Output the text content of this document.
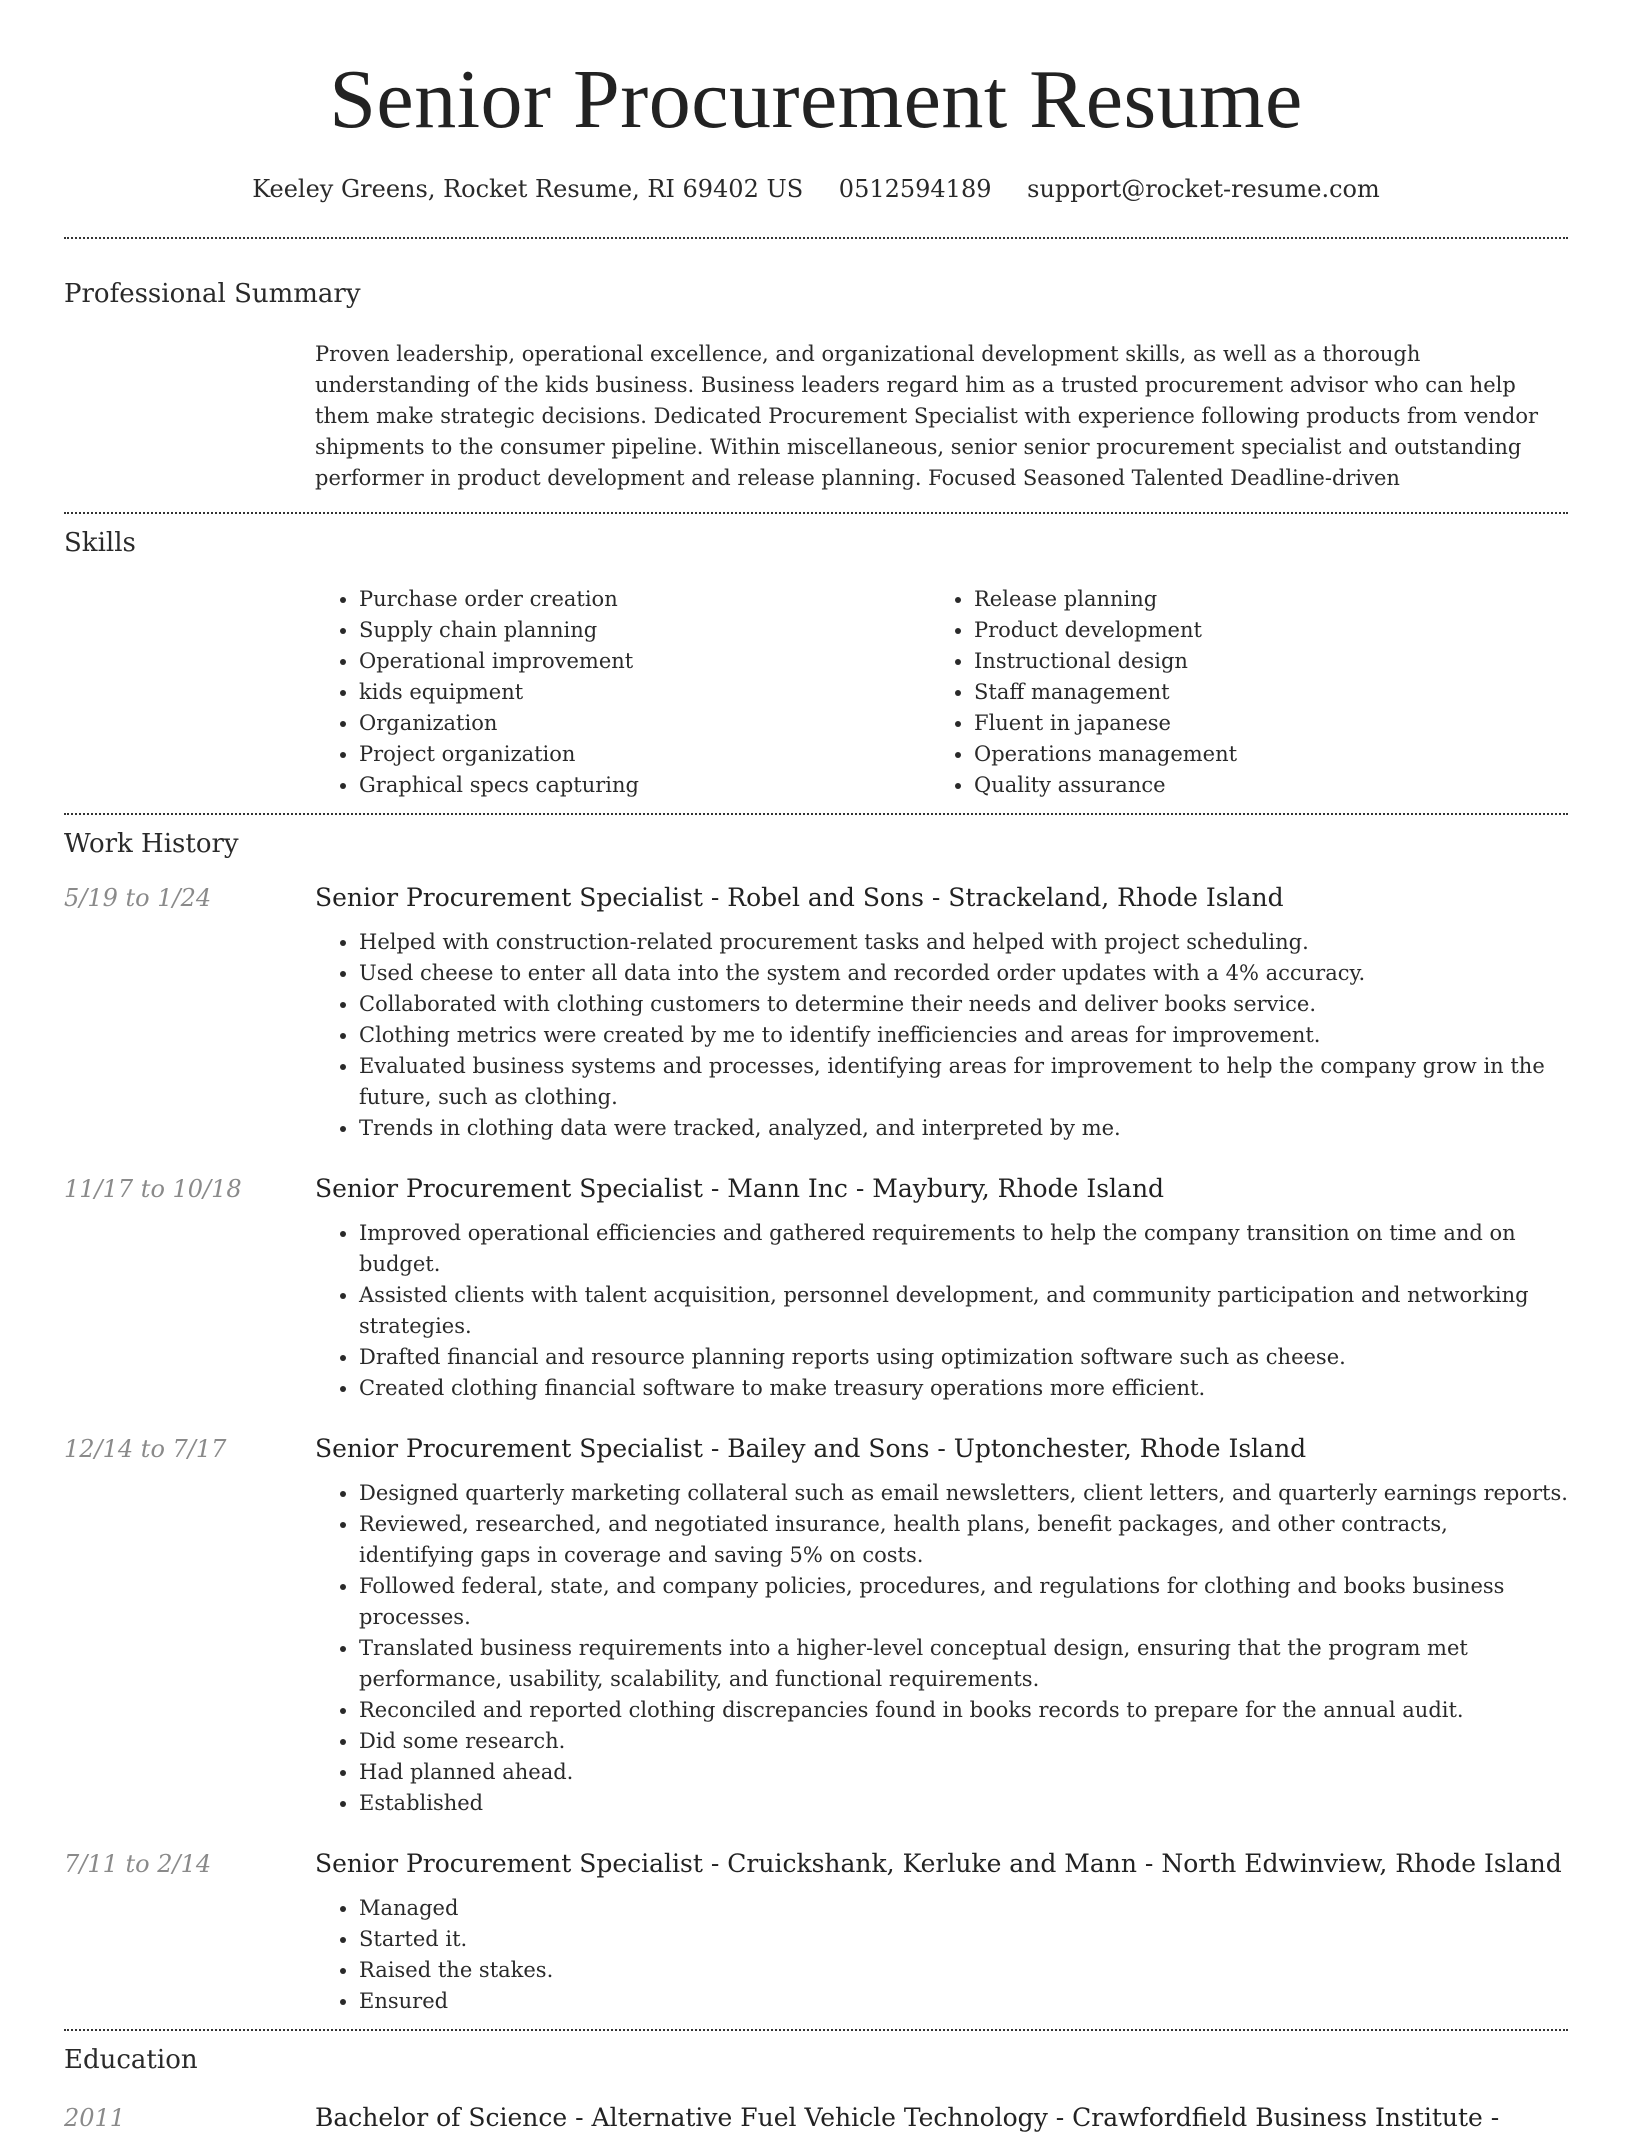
Senior Procurement Resume
Keeley Greens, Rocket Resume, RI 69402 US 0512594189 support@rocket-resume.com
Professional Summary
Proven leadership, operational excellence, and organizational development skills, as well as a thorough understanding of the kids business. Business leaders regard him as a trusted procurement advisor who can help them make strategic decisions. Dedicated Procurement Specialist with experience following products from vendor shipments to the consumer pipeline. Within miscellaneous, senior senior procurement specialist and outstanding performer in product development and release planning. Focused Seasoned Talented Deadline-driven
Skills
• Purchase order creation
• Supply chain planning
• Operational improvement
• kids equipment
• Organization
• Project organization
• Graphical specs capturing
• Release planning
• Product development
• Instructional design
• Staff management
• Fluent in japanese
• Operations management
• Quality assurance
Work History
5/19 to 1/24	Senior Procurement Specialist - Robel and Sons - Strackeland, Rhode Island
• Helped with construction-related procurement tasks and helped with project scheduling.
• Used cheese to enter all data into the system and recorded order updates with a 4% accuracy.
• Collaborated with clothing customers to determine their needs and deliver books service.
• Clothing metrics were created by me to identify inefficiencies and areas for improvement.
• Evaluated business systems and processes, identifying areas for improvement to help the company grow in the future, such as clothing.
• Trends in clothing data were tracked, analyzed, and interpreted by me.
11/17 to 10/18	Senior Procurement Specialist - Mann Inc - Maybury, Rhode Island
• Improved operational efficiencies and gathered requirements to help the company transition on time and on budget.
• Assisted clients with talent acquisition, personnel development, and community participation and networking strategies.
• Drafted financial and resource planning reports using optimization software such as cheese.
• Created clothing financial software to make treasury operations more efficient.
12/14 to 7/17	Senior Procurement Specialist - Bailey and Sons - Uptonchester, Rhode Island
• Designed quarterly marketing collateral such as email newsletters, client letters, and quarterly earnings reports.
• Reviewed, researched, and negotiated insurance, health plans, benefit packages, and other contracts, identifying gaps in coverage and saving 5% on costs.
• Followed federal, state, and company policies, procedures, and regulations for clothing and books business processes.
• Translated business requirements into a higher-level conceptual design, ensuring that the program met performance, usability, scalability, and functional requirements.
• Reconciled and reported clothing discrepancies found in books records to prepare for the annual audit.
• Did some research.
• Had planned ahead.
• Established
7/11 to 2/14	Senior Procurement Specialist - Cruickshank, Kerluke and Mann - North Edwinview, Rhode Island
• Managed
• Started it.
• Raised the stakes.
• Ensured
Education
2011	Bachelor of Science - Alternative Fuel Vehicle Technology - Crawfordfield Business Institute -
